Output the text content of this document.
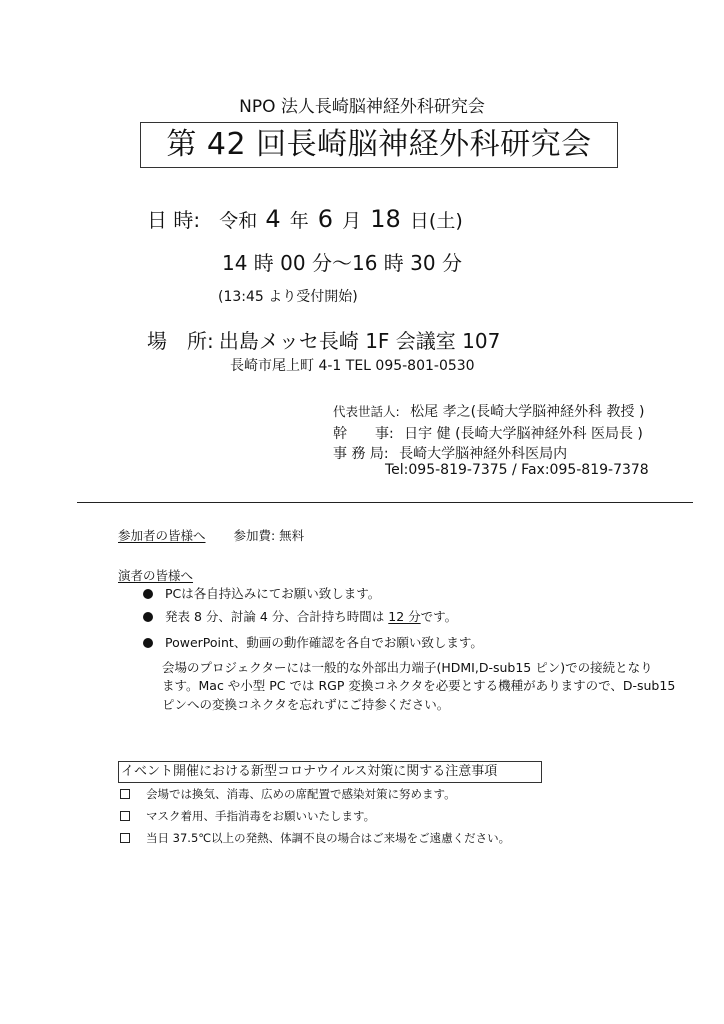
NPO 法人長崎脳神経外科研究会
第 42 回長崎脳神経外科研究会
日 時: 令和 4 年 6 月 18 日(土)
14 時 00 分～16 時 30 分
(13:45 より受付開始)
場　所: 出島メッセ長崎 1F 会議室 107
長崎市尾上町 4-1 TEL 095-801-0530
代表世話人: 松尾 孝之(長崎大学脳神経外科 教授 )
幹　　事: 日宇 健 (長崎大学脳神経外科 医局長 )
事 務 局: 長崎大学脳神経外科医局内
Tel:095-819-7375 / Fax:095-819-7378
参加者の皆様へ 参加費: 無料
演者の皆様へ
PCは各自持込みにてお願い致します。
発表 8 分、討論 4 分、合計持ち時間は 12 分です。
PowerPoint、動画の動作確認を各自でお願い致します。
会場のプロジェクターには一般的な外部出力端子(HDMI,D-sub15 ピン)での接続となり
ます。Mac や小型 PC では RGP 変換コネクタを必要とする機種がありますので、D-sub15
ピンへの変換コネクタを忘れずにご持参ください。
イベント開催における新型コロナウイルス対策に関する注意事項
会場では換気、消毒、広めの席配置で感染対策に努めます。
マスク着用、手指消毒をお願いいたします。
当日 37.5℃以上の発熱、体調不良の場合はご来場をご遠慮ください。
